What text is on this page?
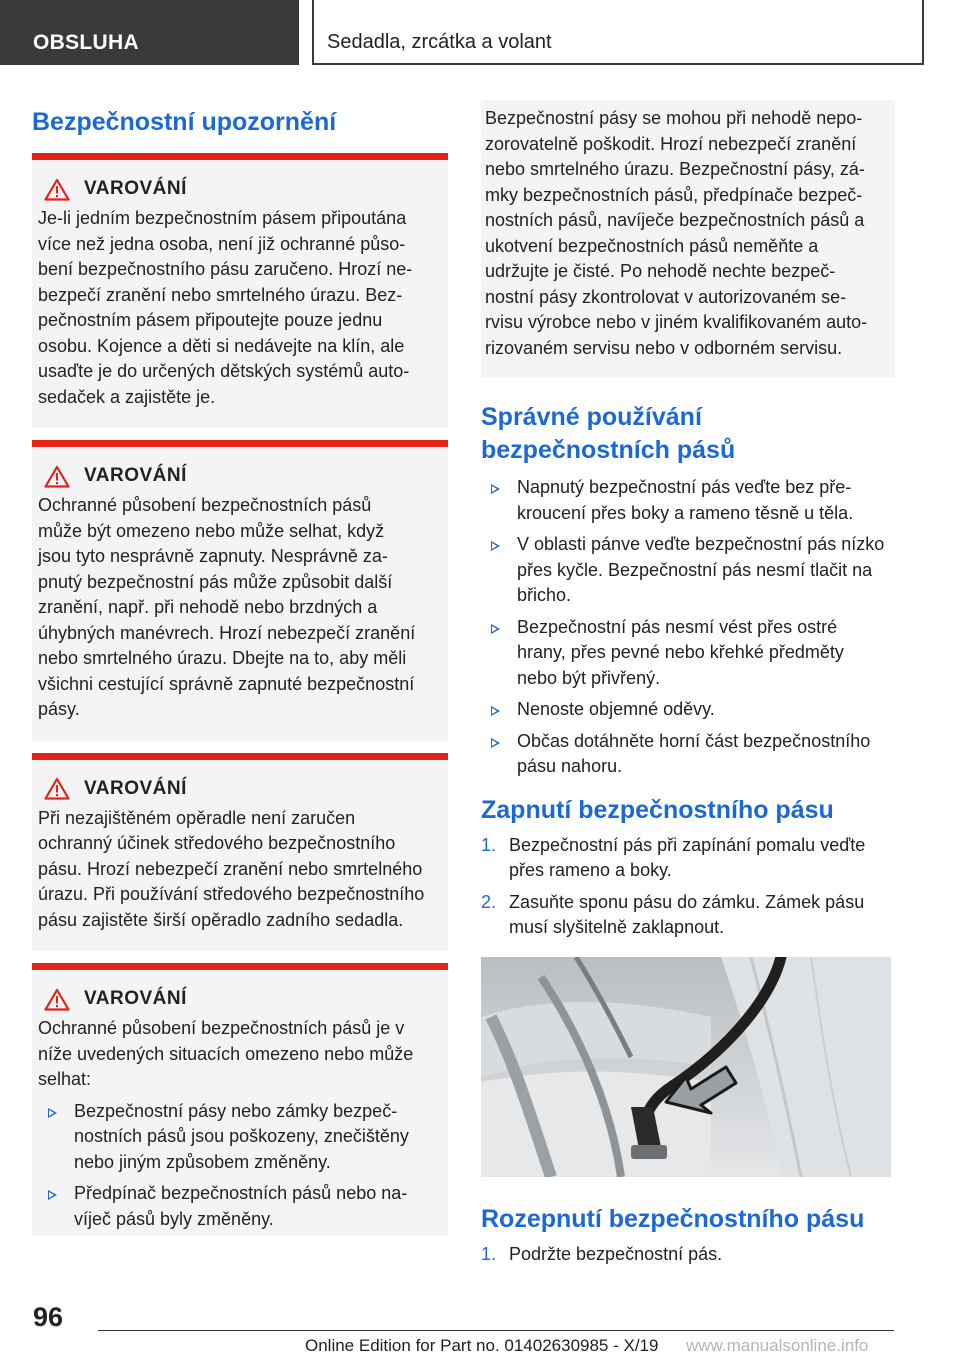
OBSLUHA	Sedadla, zrcátka a volant
Bezpečnostní upozornění
VAROVÁNÍ
Je-li jedním bezpečnostním pásem připoutána
více než jedna osoba, není již ochranné půso-
bení bezpečnostního pásu zaručeno. Hrozí ne-
bezpečí zranění nebo smrtelného úrazu. Bez-
pečnostním pásem připoutejte pouze jednu
osobu. Kojence a děti si nedávejte na klín, ale
usaďte je do určených dětských systémů auto-
sedaček a zajistěte je.
VAROVÁNÍ
Ochranné působení bezpečnostních pásů
může být omezeno nebo může selhat, když
jsou tyto nesprávně zapnuty. Nesprávně za-
pnutý bezpečnostní pás může způsobit další
zranění, např. při nehodě nebo brzdných a
úhybných manévrech. Hrozí nebezpečí zranění
nebo smrtelného úrazu. Dbejte na to, aby měli
všichni cestující správně zapnuté bezpečnostní
pásy.
VAROVÁNÍ
Při nezajištěném opěradle není zaručen
ochranný účinek středového bezpečnostního
pásu. Hrozí nebezpečí zranění nebo smrtelného
úrazu. Při používání středového bezpečnostního
pásu zajistěte širší opěradlo zadního sedadla.
VAROVÁNÍ
Ochranné působení bezpečnostních pásů je v
níže uvedených situacích omezeno nebo může
selhat:
Bezpečnostní pásy nebo zámky bezpeč-
nostních pásů jsou poškozeny, znečištěny
nebo jiným způsobem změněny.
Předpínač bezpečnostních pásů nebo na-
víječ pásů byly změněny.
Bezpečnostní pásy se mohou při nehodě nepo-
zorovatelně poškodit. Hrozí nebezpečí zranění
nebo smrtelného úrazu. Bezpečnostní pásy, zá-
mky bezpečnostních pásů, předpínače bezpeč-
nostních pásů, navíječe bezpečnostních pásů a
ukotvení bezpečnostních pásů neměňte a
udržujte je čisté. Po nehodě nechte bezpeč-
nostní pásy zkontrolovat v autorizovaném se-
rvisu výrobce nebo v jiném kvalifikovaném auto-
rizovaném servisu nebo v odborném servisu.
Správné používání
bezpečnostních pásů
Napnutý bezpečnostní pás veďte bez pře-
kroucení přes boky a rameno těsně u těla.
V oblasti pánve veďte bezpečnostní pás nízko
přes kyčle. Bezpečnostní pás nesmí tlačit na
břicho.
Bezpečnostní pás nesmí vést přes ostré
hrany, přes pevné nebo křehké předměty
nebo být přivřený.
Nenoste objemné oděvy.
Občas dotáhněte horní část bezpečnostního
pásu nahoru.
Zapnutí bezpečnostního pásu
1. Bezpečnostní pás při zapínání pomalu veďte
přes rameno a boky.
2. Zasuňte sponu pásu do zámku. Zámek pásu
musí slyšitelně zaklapnout.
Rozepnutí bezpečnostního pásu
1. Podržte bezpečnostní pás.
96
Online Edition for Part no. 01402630985 - X/19 www.manualsonline.info
